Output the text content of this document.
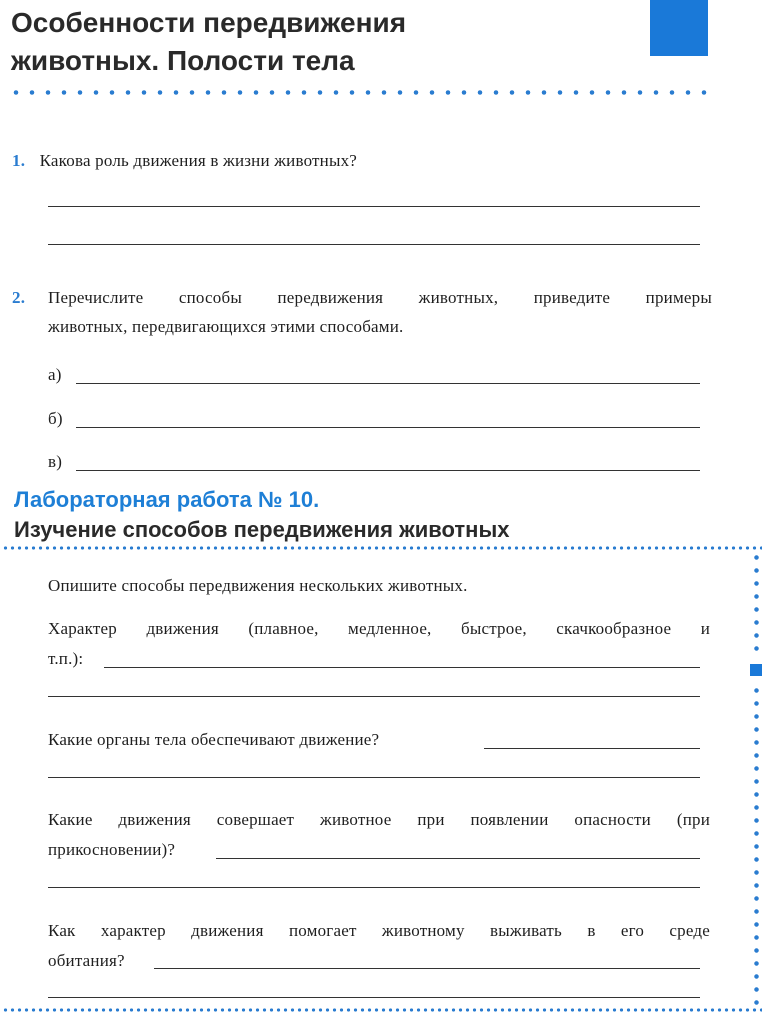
Особенности передвижения
животных. Полости тела
1. Какова роль движения в жизни животных?
2.	Перечислите способы передвижения животных, приведите примеры
животных, передвигающихся этими способами.
а)
б)
в)
Лабораторная работа № 10.
Изучение способов передвижения животных
Опишите способы передвижения нескольких животных.
Характер движения (плавное, медленное, быстрое, скачкообразное и
т.п.):
Какие органы тела обеспечивают движение?
Какие движения совершает животное при появлении опасности (при
прикосновении)?
Как характер движения помогает животному выживать в его среде
обитания?
